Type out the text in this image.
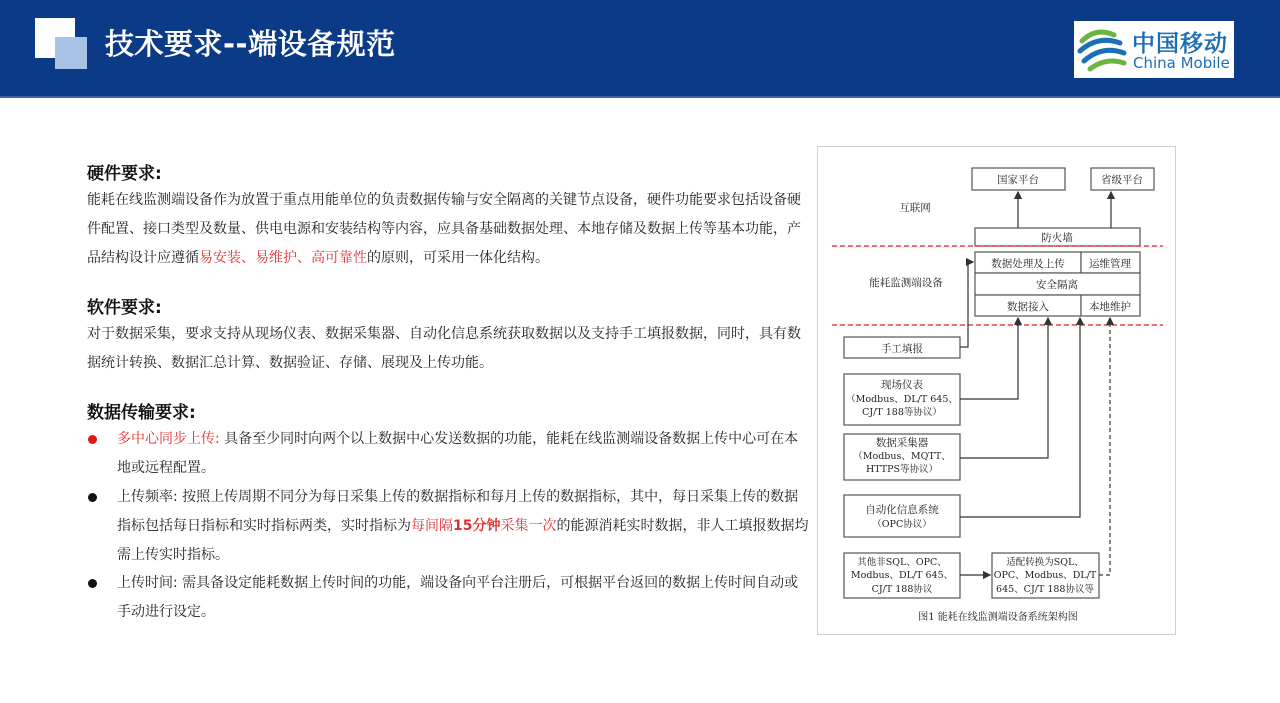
技术要求--端设备规范	中国移动
China Mobile
硬件要求:
能耗在线监测端设备作为放置于重点用能单位的负责数据传输与安全隔离的关键节点设备，硬件功能要求包括设备硬件配置、接口类型及数量、供电电源和安装结构等内容，应具备基础数据处理、本地存储及数据上传等基本功能，产品结构设计应遵循易安装、易维护、高可靠性的原则，可采用一体化结构。
软件要求:
对于数据采集，要求支持从现场仪表、数据采集器、自动化信息系统获取数据以及支持手工填报数据，同时，具有数据统计转换、数据汇总计算、数据验证、存储、展现及上传功能。
数据传输要求:
多中心同步上传: 具备至少同时向两个以上数据中心发送数据的功能，能耗在线监测端设备数据上传中心可在本地或远程配置。
上传频率: 按照上传周期不同分为每日采集上传的数据指标和每月上传的数据指标，其中，每日采集上传的数据指标包括每日指标和实时指标两类，实时指标为每间隔15分钟采集一次的能源消耗实时数据，非人工填报数据均需上传实时指标。
上传时间: 需具备设定能耗数据上传时间的功能，端设备向平台注册后，可根据平台返回的数据上传时间自动或手动进行设定。
国家平台	省级平台
互联网
防火墙
数据处理及上传 运维管理
安全隔离
数据接入	本地维护
能耗监测端设备
手工填报
现场仪表
（Modbus、DL/T 645、
CJ/T 188等协议）
数据采集器
（Modbus、MQTT、
HTTPS等协议）
自动化信息系统
（OPC协议）
其他非SQL、OPC、
Modbus、DL/T 645、
CJ/T 188协议
适配转换为SQL、
OPC、Modbus、DL/T
645、CJ/T 188协议等
图1 能耗在线监测端设备系统架构图
